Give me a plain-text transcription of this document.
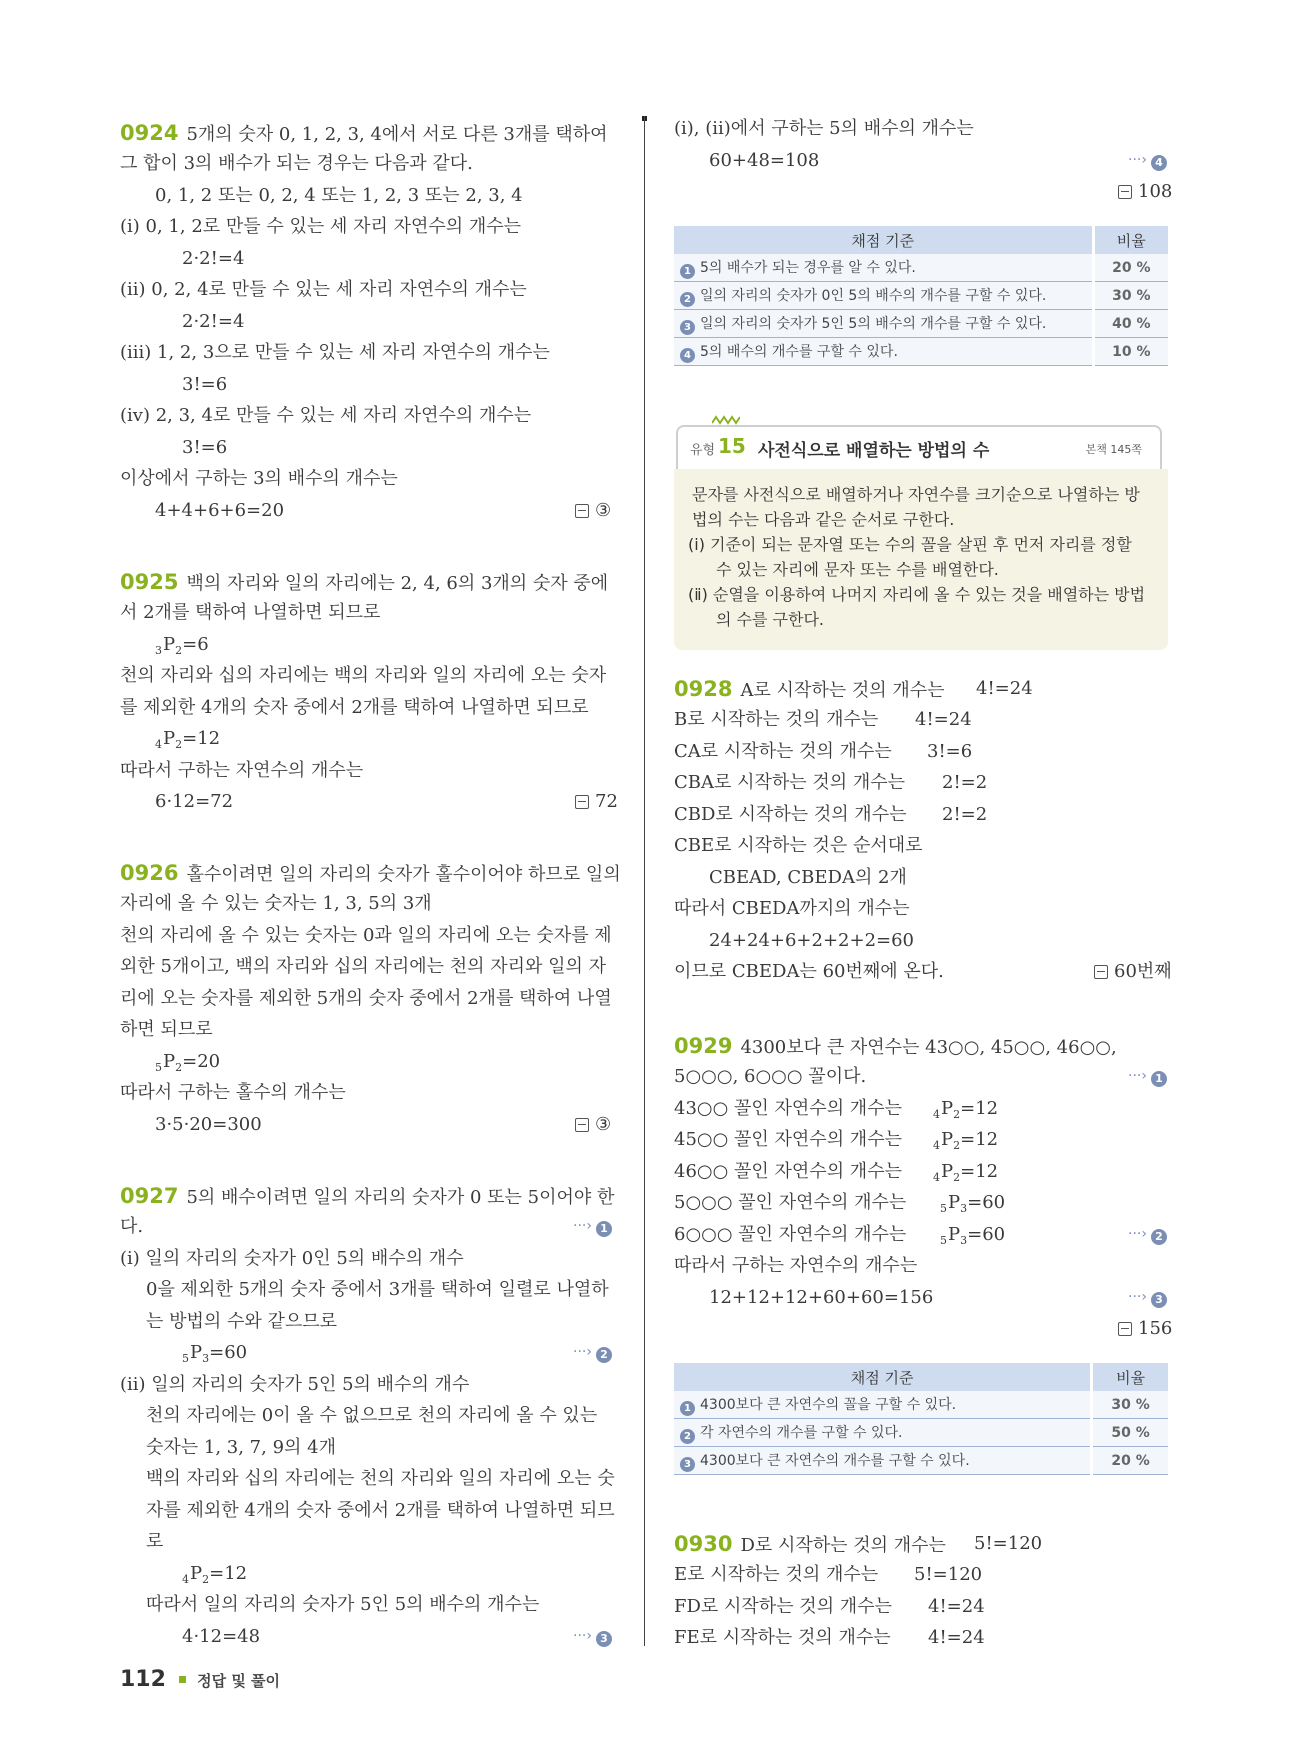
0924 5개의 숫자 0, 1, 2, 3, 4에서 서로 다른 3개를 택하여
그 합이 3의 배수가 되는 경우는 다음과 같다.
0, 1, 2 또는 0, 2, 4 또는 1, 2, 3 또는 2, 3, 4
(ⅰ) 0, 1, 2로 만들 수 있는 세 자리 자연수의 개수는
2·2!=4
(ⅱ) 0, 2, 4로 만들 수 있는 세 자리 자연수의 개수는
2·2!=4
(ⅲ) 1, 2, 3으로 만들 수 있는 세 자리 자연수의 개수는
3!=6
(ⅳ) 2, 3, 4로 만들 수 있는 세 자리 자연수의 개수는
3!=6
이상에서 구하는 3의 배수의 개수는
4+4+6+6=20	③
0925 백의 자리와 일의 자리에는 2, 4, 6의 3개의 숫자 중에
서 2개를 택하여 나열하면 되므로
$_3P_2=6$
천의 자리와 십의 자리에는 백의 자리와 일의 자리에 오는 숫자
를 제외한 4개의 숫자 중에서 2개를 택하여 나열하면 되므로
$_4P_2=12$
따라서 구하는 자연수의 개수는
6·12=72	72
0926 홀수이려면 일의 자리의 숫자가 홀수이어야 하므로 일의
자리에 올 수 있는 숫자는 1, 3, 5의 3개
천의 자리에 올 수 있는 숫자는 0과 일의 자리에 오는 숫자를 제
외한 5개이고, 백의 자리와 십의 자리에는 천의 자리와 일의 자
리에 오는 숫자를 제외한 5개의 숫자 중에서 2개를 택하여 나열
하면 되므로
$_5P_2=20$
따라서 구하는 홀수의 개수는
3·5·20=300	③
0927 5의 배수이려면 일의 자리의 숫자가 0 또는 5이어야 한
다.	···› 1
(ⅰ) 일의 자리의 숫자가 0인 5의 배수의 개수
0을 제외한 5개의 숫자 중에서 3개를 택하여 일렬로 나열하
는 방법의 수와 같으므로
$_5P_3=60$	···› 2
(ⅱ) 일의 자리의 숫자가 5인 5의 배수의 개수
천의 자리에는 0이 올 수 없으므로 천의 자리에 올 수 있는
숫자는 1, 3, 7, 9의 4개
백의 자리와 십의 자리에는 천의 자리와 일의 자리에 오는 숫
자를 제외한 4개의 숫자 중에서 2개를 택하여 나열하면 되므
로
$_4P_2=12$
따라서 일의 자리의 숫자가 5인 5의 배수의 개수는
4·12=48	···› 3
(ⅰ), (ⅱ)에서 구하는 5의 배수의 개수는
60+48=108	···› 4
108
채점 기준	비율
1 5의 배수가 되는 경우를 알 수 있다.	20 %
2 일의 자리의 숫자가 0인 5의 배수의 개수를 구할 수 있다.	30 %
3 일의 자리의 숫자가 5인 5의 배수의 개수를 구할 수 있다.	40 %
4 5의 배수의 개수를 구할 수 있다.	10 %
유형 15 사전식으로 배열하는 방법의 수	본책 145쪽
문자를 사전식으로 배열하거나 자연수를 크기순으로 나열하는 방
법의 수는 다음과 같은 순서로 구한다.
(ⅰ) 기준이 되는 문자열 또는 수의 꼴을 살핀 후 먼저 자리를 정할
수 있는 자리에 문자 또는 수를 배열한다.
(ⅱ) 순열을 이용하여 나머지 자리에 올 수 있는 것을 배열하는 방법
의 수를 구한다.
0928 A로 시작하는 것의 개수는 4!=24
B로 시작하는 것의 개수는 4!=24
CA로 시작하는 것의 개수는 3!=6
CBA로 시작하는 것의 개수는 2!=2
CBD로 시작하는 것의 개수는 2!=2
CBE로 시작하는 것은 순서대로
CBEAD, CBEDA의 2개
따라서 CBEDA까지의 개수는
24+24+6+2+2+2=60
이므로 CBEDA는 60번째에 온다.	60번째
0929 4300보다 큰 자연수는 43○○, 45○○, 46○○,
5○○○, 6○○○ 꼴이다.	···› 1
43○○ 꼴인 자연수의 개수는	$_4P_2=12$
45○○ 꼴인 자연수의 개수는	$_4P_2=12$
46○○ 꼴인 자연수의 개수는	$_4P_2=12$
5○○○ 꼴인 자연수의 개수는	$_5P_3=60$
6○○○ 꼴인 자연수의 개수는	$_5P_3=60$	···› 2
따라서 구하는 자연수의 개수는
12+12+12+60+60=156	···› 3
156
채점 기준	비율
1 4300보다 큰 자연수의 꼴을 구할 수 있다.	30 %
2 각 자연수의 개수를 구할 수 있다.	50 %
3 4300보다 큰 자연수의 개수를 구할 수 있다.	20 %
0930 D로 시작하는 것의 개수는 5!=120
E로 시작하는 것의 개수는 5!=120
FD로 시작하는 것의 개수는 4!=24
FE로 시작하는 것의 개수는 4!=24
112 정답 및 풀이
